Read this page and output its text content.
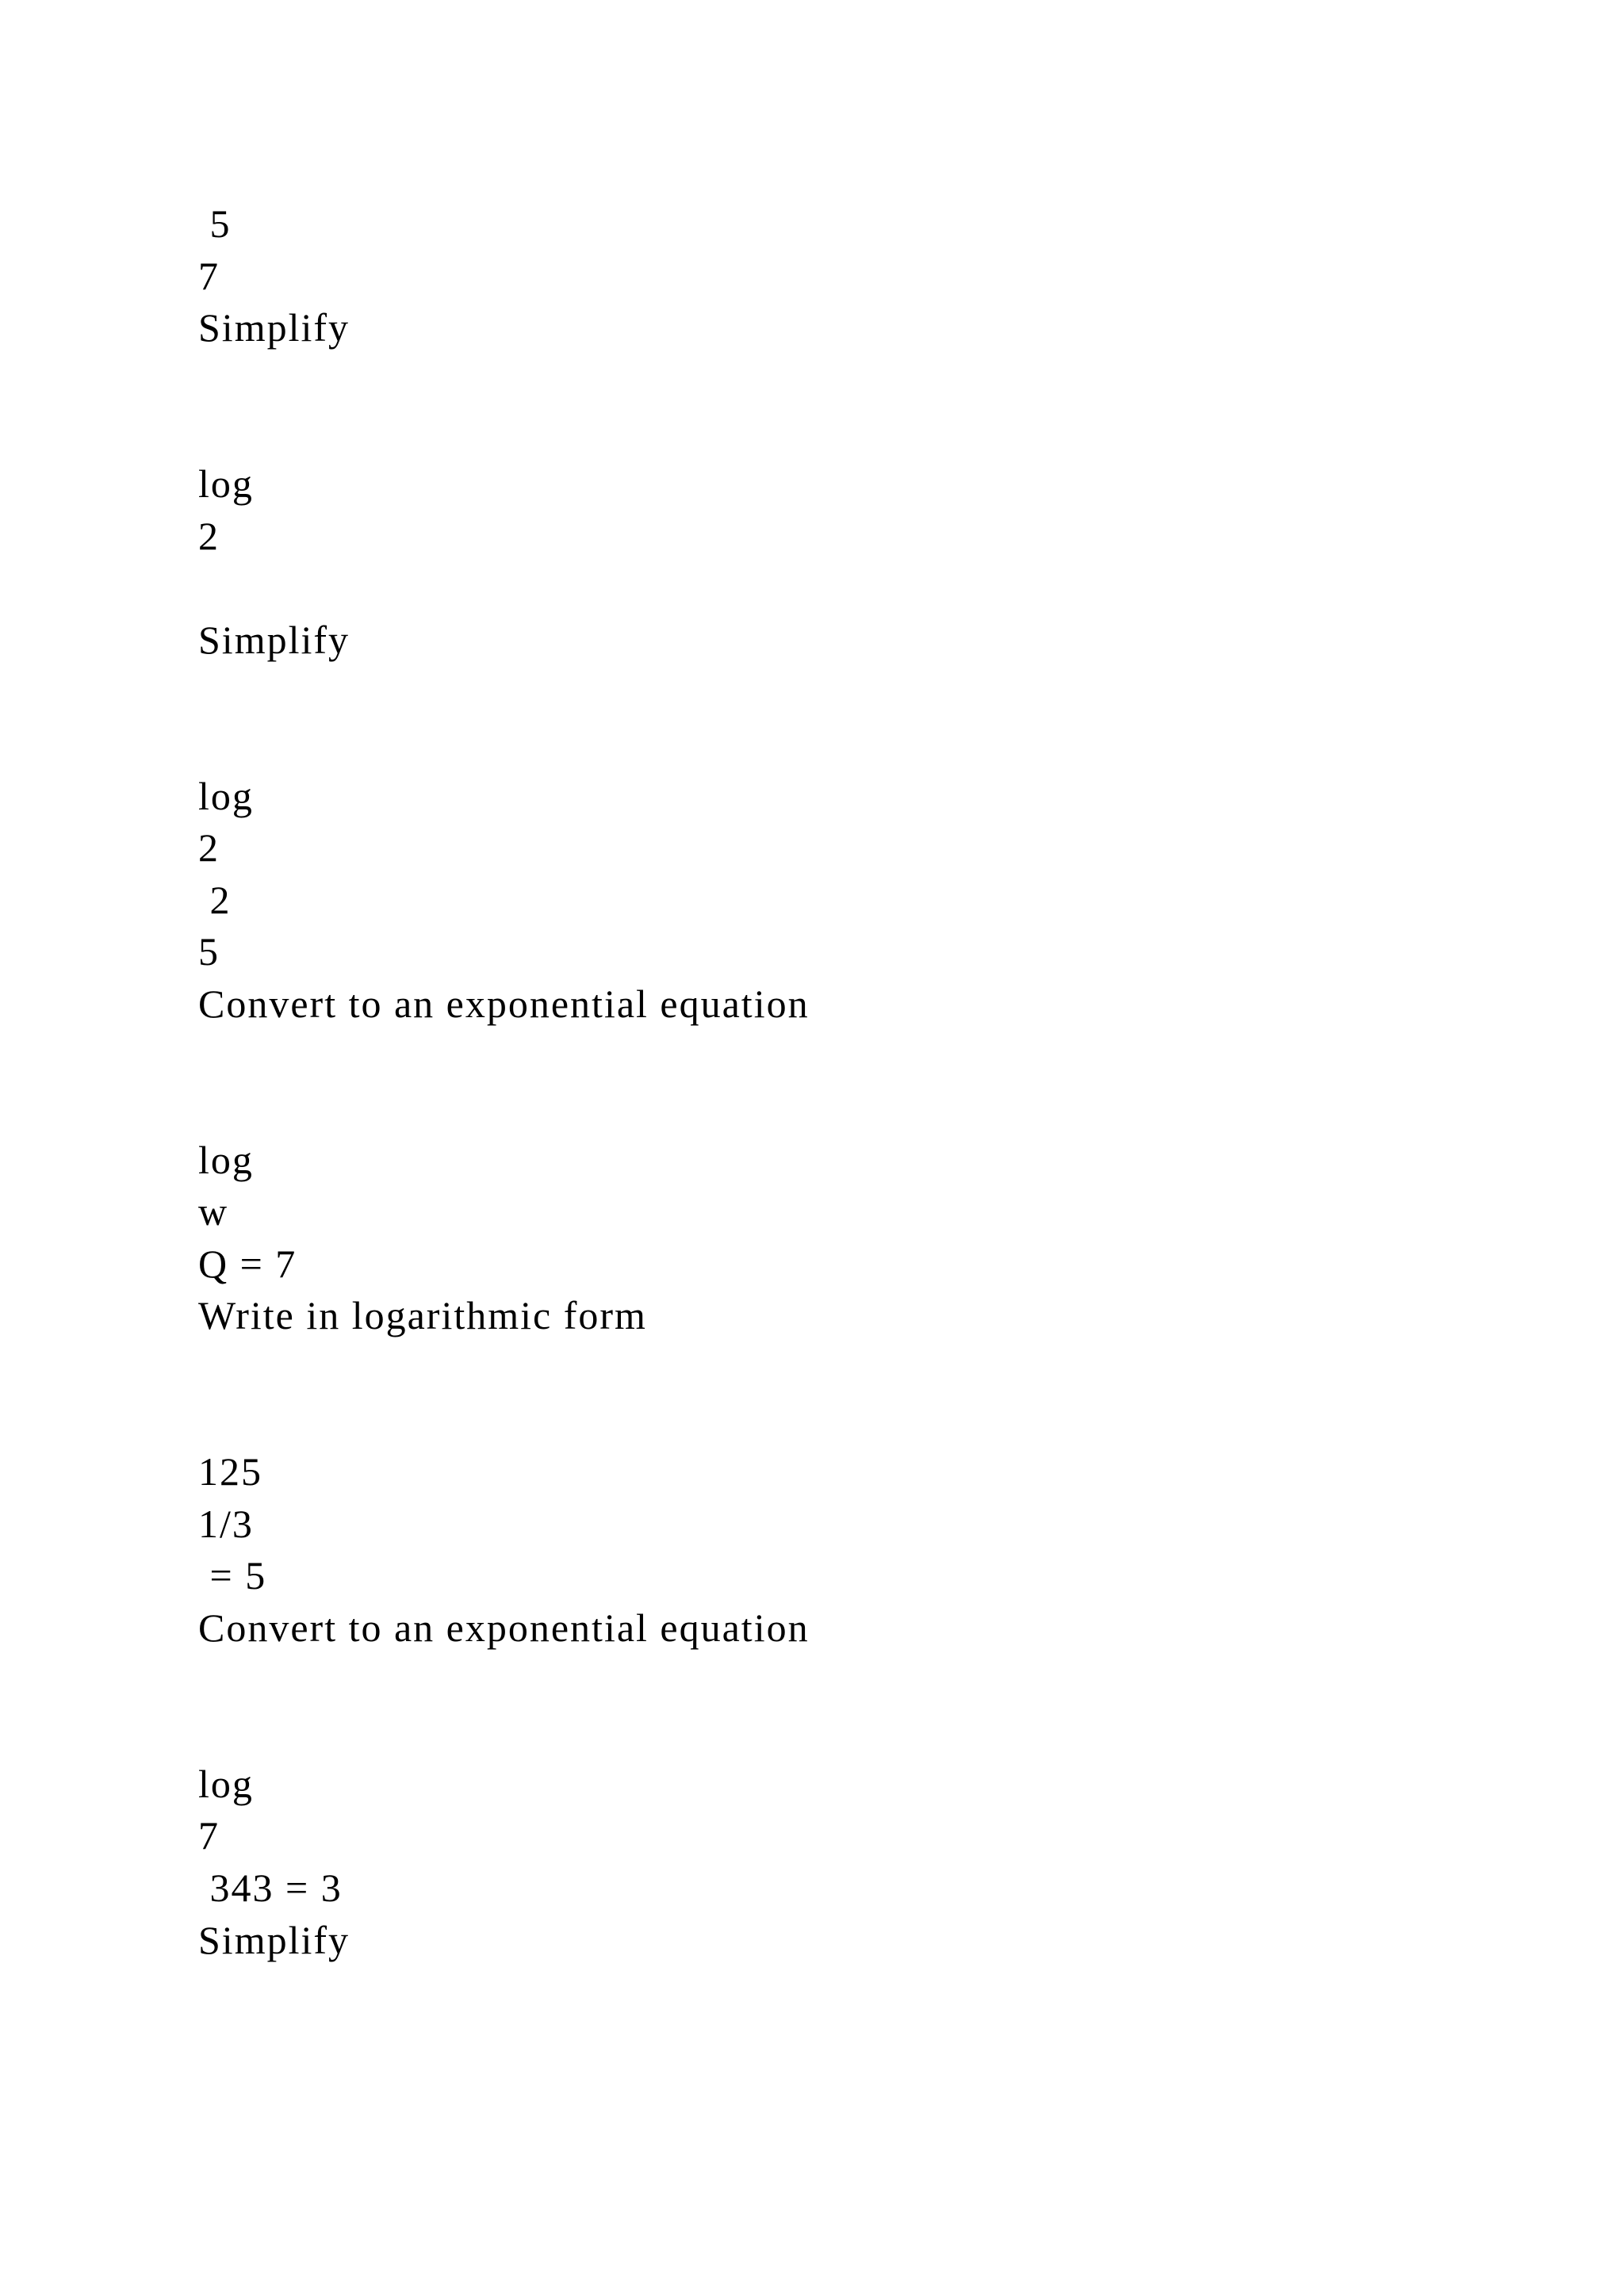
5

7

Simplify

log

2

Simplify

log

2

2

5

Convert to an exponential equation

log

w

Q = 7

Write in logarithmic form

125

1/3

= 5

Convert to an exponential equation

log

7

343 = 3

Simplify
